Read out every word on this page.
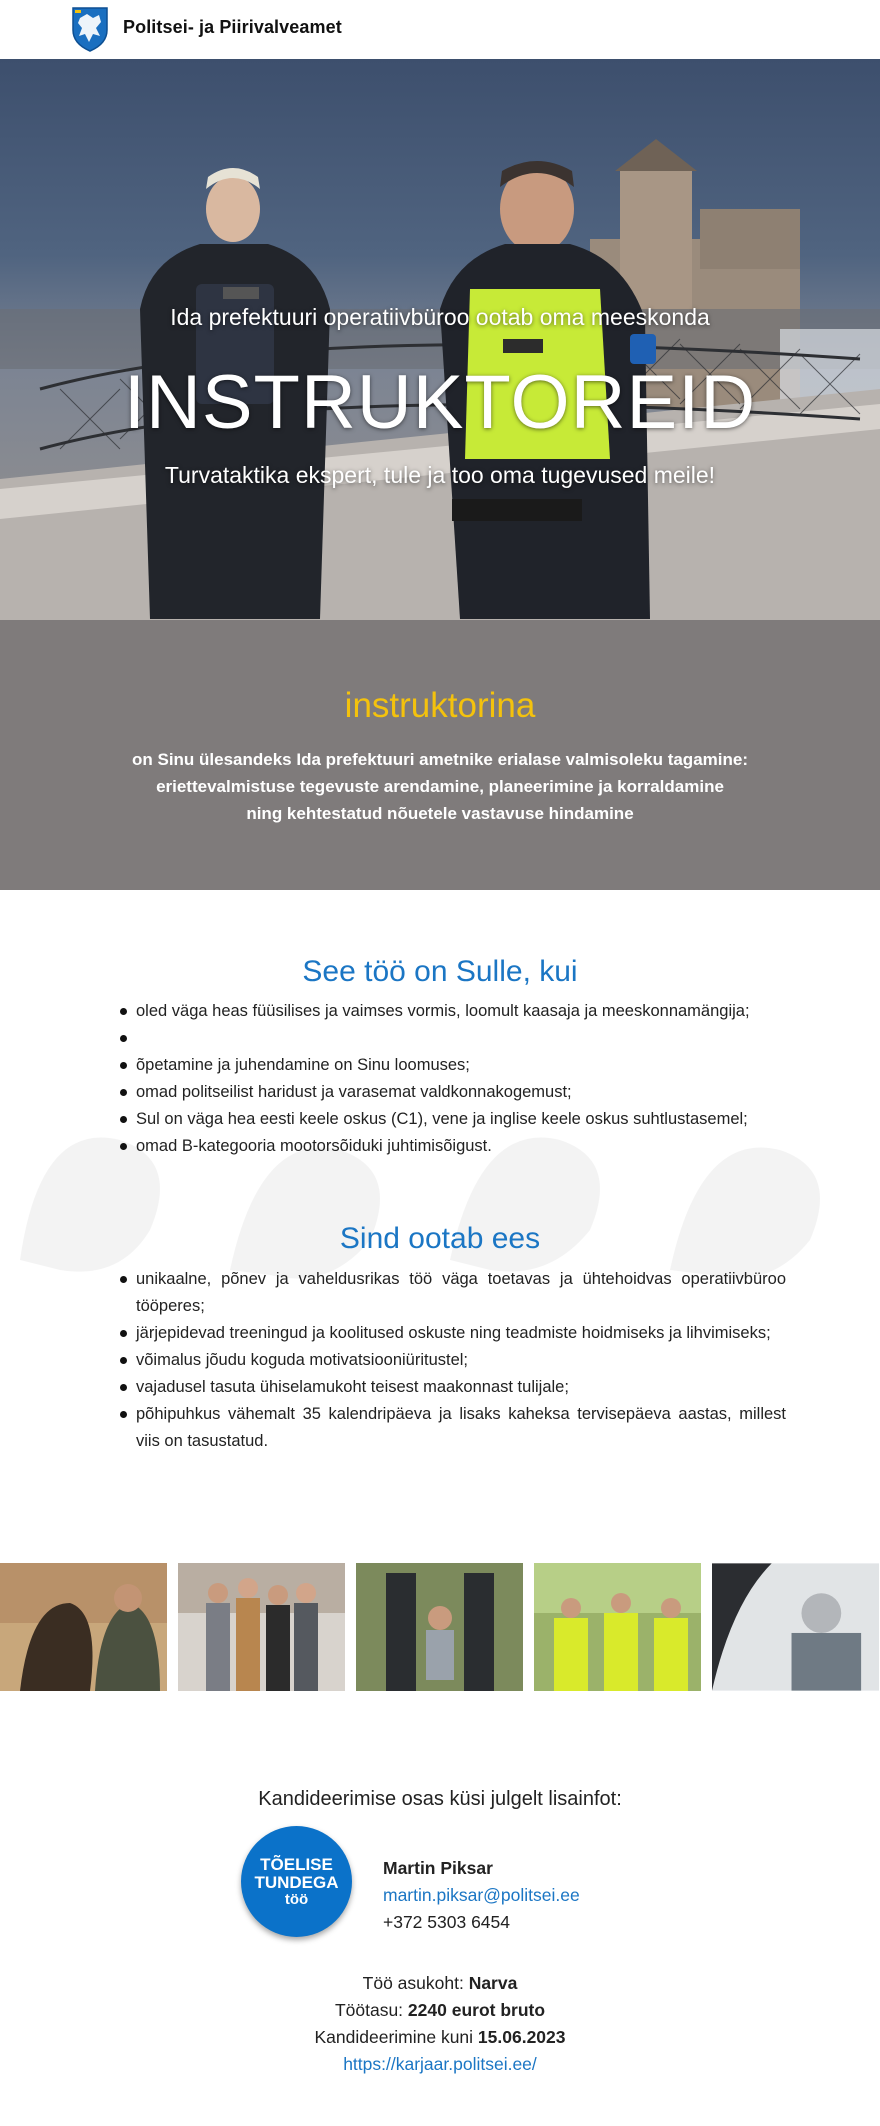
Politsei- ja Piirivalveamet
Ida prefektuuri operatiivbüroo ootab oma meeskonda
INSTRUKTOREID
Turvataktika ekspert, tule ja too oma tugevused meile!
instruktorina
on Sinu ülesandeks Ida prefektuuri ametnike erialase valmisoleku tagamine:
eriettevalmistuse tegevuste arendamine, planeerimine ja korraldamine
ning kehtestatud nõuetele vastavuse hindamine
See töö on Sulle, kui
oled väga heas füüsilises ja vaimses vormis, loomult kaasaja ja meeskonnamängija;
õpetamine ja juhendamine on Sinu loomuses;
omad politseilist haridust ja varasemat valdkonnakogemust;
Sul on väga hea eesti keele oskus (C1), vene ja inglise keele oskus suhtlustasemel;
omad B-kategooria mootorsõiduki juhtimisõigust.
Sind ootab ees
unikaalne, põnev ja vaheldusrikas töö väga toetavas ja ühtehoidvas operatiivbüroo tööperes;
järjepidevad treeningud ja koolitused oskuste ning teadmiste hoidmiseks ja lihvimiseks;
võimalus jõudu koguda motivatsiooniüritustel;
vajadusel tasuta ühiselamukoht teisest maakonnast tulijale;
põhipuhkus vähemalt 35 kalendripäeva ja lisaks kaheksa tervisepäeva aastas, millest viis on tasustatud.
Kandideerimise osas küsi julgelt lisainfot:
TÕELISE
TUNDEGA
töö
Martin Piksar
martin.piksar@politsei.ee
+372 5303 6454
Töö asukoht: Narva
Töötasu: 2240 eurot bruto
Kandideerimine kuni 15.06.2023
https://karjaar.politsei.ee/
